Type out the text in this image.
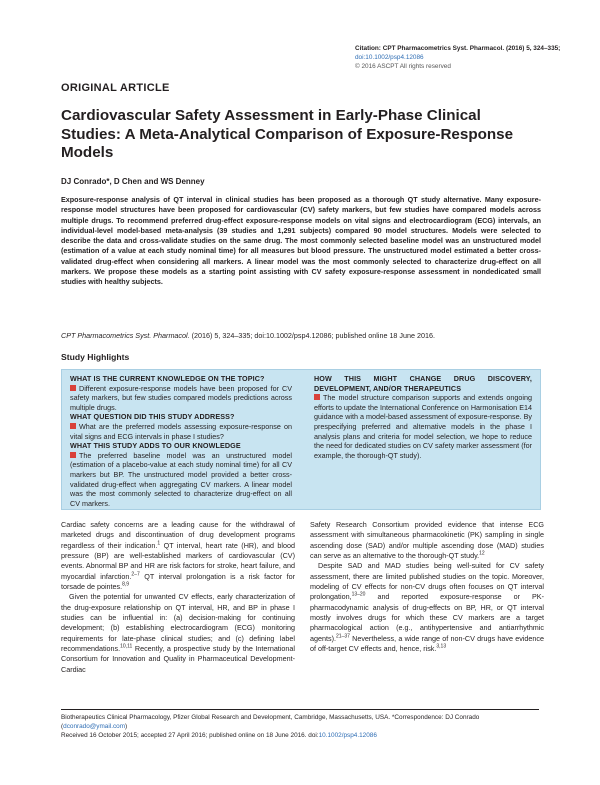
Citation: CPT Pharmacometrics Syst. Pharmacol. (2016) 5, 324–335; doi:10.1002/psp4.12086
© 2016 ASCPT All rights reserved
ORIGINAL ARTICLE
Cardiovascular Safety Assessment in Early-Phase Clinical Studies: A Meta-Analytical Comparison of Exposure-Response Models
DJ Conrado*, D Chen and WS Denney
Exposure-response analysis of QT interval in clinical studies has been proposed as a thorough QT study alternative. Many exposure-response model structures have been proposed for cardiovascular (CV) safety markers, but few studies have compared models across multiple drugs. To recommend preferred drug-effect exposure-response models on vital signs and electrocardiogram (ECG) intervals, an individual-level model-based meta-analysis (39 studies and 1,291 subjects) compared 90 model structures. Models were selected to describe the data and cross-validate studies on the same drug. The most commonly selected baseline model was an unstructured model (estimation of a value at each study nominal time) for all measures but blood pressure. The unstructured model estimated a better cross-validated drug-effect when considering all markers. A linear model was the most commonly selected to characterize drug-effect on all markers. We propose these models as a starting point assisting with CV safety exposure-response assessment in nondedicated small studies with healthy subjects.
CPT Pharmacometrics Syst. Pharmacol. (2016) 5, 324–335; doi:10.1002/psp4.12086; published online 18 June 2016.
Study Highlights
WHAT IS THE CURRENT KNOWLEDGE ON THE TOPIC?
Different exposure-response models have been proposed for CV safety markers, but few studies compared models predictions across multiple drugs.
WHAT QUESTION DID THIS STUDY ADDRESS?
What are the preferred models assessing exposure-response on vital signs and ECG intervals in phase I studies?
WHAT THIS STUDY ADDS TO OUR KNOWLEDGE
The preferred baseline model was an unstructured model (estimation of a placebo-value at each study nominal time) for all CV markers but BP. The unstructured model provided a better cross-validated drug-effect when aggregating CV markers. A linear model was the most commonly selected to characterize drug-effect on all CV markers.
HOW THIS MIGHT CHANGE DRUG DISCOVERY, DEVELOPMENT, AND/OR THERAPEUTICS
The model structure comparison supports and extends ongoing efforts to update the International Conference on Harmonisation E14 guidance with a model-based assessment of exposure-response. By prespecifying preferred and alternative models in the phase I analysis plans and criteria for model selection, we hope to reduce the need for dedicated studies on CV safety marker assessment (for example, the thorough-QT study).

Cardiac safety concerns are a leading cause for the withdrawal of marketed drugs and discontinuation of drug development programs regardless of their indication.$^1$ QT interval, heart rate (HR), and blood pressure (BP) are well-established markers of cardiovascular (CV) events. Abnormal BP and HR are risk factors for stroke, heart failure, and myocardial infarction.$^{2-7}$ QT interval prolongation is a risk factor for torsade de pointes.$^{8,9}$

Given the potential for unwanted CV effects, early characterization of the drug-exposure relationship on QT interval, HR, and BP in phase I studies can be influential in: (a) decision-making for continuing development; (b) establishing electrocardiogram (ECG) monitoring requirements for late-phase clinical studies; and (c) defining label recommendations.$^{10,11}$ Recently, a prospective study by the International Consortium for Innovation and Quality in Pharmaceutical Development-Cardiac

Safety Research Consortium provided evidence that intense ECG assessment with simultaneous pharmacokinetic (PK) sampling in single ascending dose (SAD) and/or multiple ascending dose (MAD) studies can serve as an alternative to the thorough-QT study.$^{12}$

Despite SAD and MAD studies being well-suited for CV safety assessment, there are limited published studies on the topic. Moreover, modeling of CV effects for non-CV drugs often focuses on QT interval prolongation,$^{13-20}$ and reported exposure-response or PK-pharmacodynamic analysis of drug-effects on BP, HR, or QT interval mostly involves drugs for which these CV markers are a target pharmacological action (e.g., antihypertensive and antiarrhythmic agents).$^{21-37}$ Nevertheless, a wide range of non-CV drugs have evidence of off-target CV effects and, hence, risk.$^{3,13}$

Biotherapeutics Clinical Pharmacology, Pfizer Global Research and Development, Cambridge, Massachusetts, USA. *Correspondence: DJ Conrado (dconrado@ymail.com)
Received 16 October 2015; accepted 27 April 2016; published online on 18 June 2016. doi:10.1002/psp4.12086
